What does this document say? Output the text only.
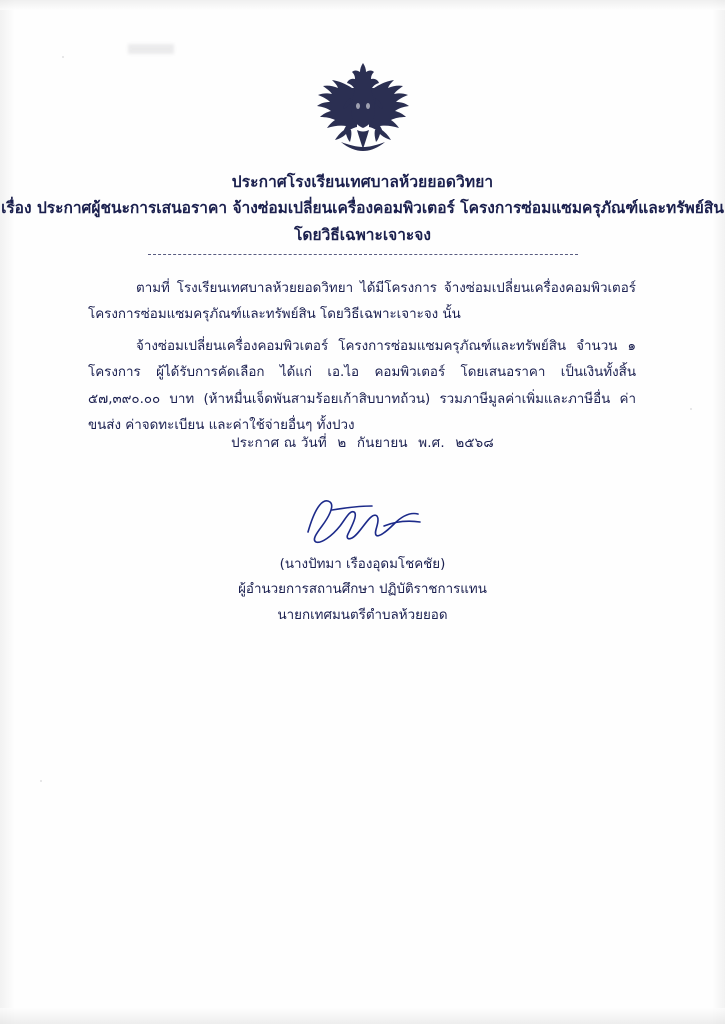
ประกาศโรงเรียนเทศบาลห้วยยอดวิทยา
เรื่อง ประกาศผู้ชนะการเสนอราคา จ้างซ่อมเปลี่ยนเครื่องคอมพิวเตอร์ โครงการซ่อมแซมครุภัณฑ์และทรัพย์สิน
โดยวิธีเฉพาะเจาะจง

ตามที่ โรงเรียนเทศบาลห้วยยอดวิทยา ได้มีโครงการ จ้างซ่อมเปลี่ยนเครื่องคอมพิวเตอร์ โครงการซ่อมแซมครุภัณฑ์และทรัพย์สิน โดยวิธีเฉพาะเจาะจง นั้น

จ้างซ่อมเปลี่ยนเครื่องคอมพิวเตอร์ โครงการซ่อมแซมครุภัณฑ์และทรัพย์สิน จำนวน ๑ โครงการ ผู้ได้รับการคัดเลือก ได้แก่ เอ.ไอ คอมพิวเตอร์ โดยเสนอราคา เป็นเงินทั้งสิ้น ๕๗,๓๙๐.๐๐ บาท (ห้าหมื่นเจ็ดพันสามร้อยเก้าสิบบาทถ้วน) รวมภาษีมูลค่าเพิ่มและภาษีอื่น ค่าขนส่ง ค่าจดทะเบียน และค่าใช้จ่ายอื่นๆ ทั้งปวง

ประกาศ ณ วันที่ ๒ กันยายน พ.ศ. ๒๕๖๘
(นางปัทมา เรืองอุดมโชคชัย)
ผู้อำนวยการสถานศึกษา ปฏิบัติราชการแทน
นายกเทศมนตรีตำบลห้วยยอด
